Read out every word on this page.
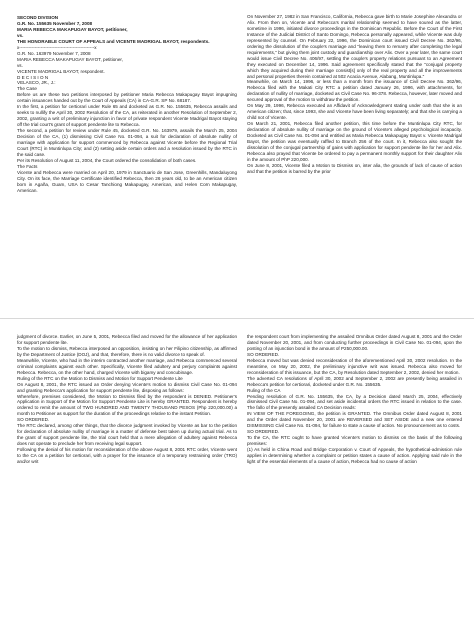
SECOND DIVISION

G.R. No. 155635 November 7, 2008

MARIA REBECCA MAKAPUGAY BAYOT, petitioner,

vs.

THE HONORABLE COURT OF APPEALS and VICENTE MADRIGAL BAYOT, respondents.

x-------------------------------------------------x

G.R. No. 163979 November 7, 2008

MARIA REBECCA MAKAPUGAY BAYOT, petitioner,

vs.

VICENTE MADRIGAL BAYOT, respondent.

D E C I S I O N

VELASCO, JR., J.:

The Case

Before us are these two petitions interposed by petitioner Maria Rebecca Makapugay Bayot impugning certain issuances handed out by the Court of Appeals (CA) in CA-G.R. SP No. 68187.

In the first, a petition for certiorari under Rule 65 and docketed as G.R. No. 155635, Rebecca assails and seeks to nullify the April 30, 2002 Resolution of the CA, as reiterated in another Resolution of September 2, 2002, granting a writ of preliminary injunction in favor of private respondent Vicente Madrigal Bayot staying off the trial court's grant of support pendente lite to Rebecca.

The second, a petition for review under Rule 45, docketed G.R. No. 163979, assails the March 25, 2004 Decision of the CA, (1) dismissing Civil Case No. 01-094, a suit for declaration of absolute nullity of marriage with application for support commenced by Rebecca against Vicente before the Regional Trial Court (RTC) in Muntinlupa City; and (2) setting aside certain orders and a resolution issued by the RTC in the said case.

Per its Resolution of August 11, 2004, the Court ordered the consolidation of both cases.

The Facts

Vicente and Rebecca were married on April 20, 1979 in Sanctuario de San Jose, Greenhills, Mandaluyong City. On its face, the Marriage Certificate identified Rebecca, then 26 years old, to be an American citizen born in Agaña, Guam, USA to Cesar Tanchiong Makapugay, American, and Helen Corn Makapugay, American.

On November 27, 1982 in San Francisco, California, Rebecca gave birth to Marie Josephine Alexandra or Alix. From then on, Vicente and Rebecca's marital relationship seemed to have soured as the latter, sometime in 1996, initiated divorce proceedings in the Dominican Republic. Before the Court of the First Instance of the Judicial District of Santo Domingo, Rebecca personally appeared, while Vicente was duly represented by counsel. On February 22, 1996, the Dominican court issued Civil Decree No. 362/96, ordering the dissolution of the couple's marriage and "leaving them to remarry after completing the legal requirements," but giving them joint custody and guardianship over Alix. Over a year later, the same court would issue Civil Decree No. 406/97, settling the couple's property relations pursuant to an Agreement they executed on December 14, 1996. Said agreement specifically stated that the "conjugal property which they acquired during their marriage consist[s] only of the real property and all the improvements and personal properties therein contained at 502 Acacia Avenue, Alabang, Muntinlupa."

Meanwhile, on March 14, 1996, or less than a month from the issuance of Civil Decree No. 362/96, Rebecca filed with the Makati City RTC a petition dated January 26, 1996, with attachments, for declaration of nullity of marriage, docketed as Civil Case No. 96-378. Rebecca, however, later moved and secured approval of the motion to withdraw the petition.

On May 29, 1996, Rebecca executed an Affidavit of Acknowledgment stating under oath that she is an American citizen; that, since 1993, she and Vicente have been living separately; and that she is carrying a child not of Vicente.

On March 21, 2001, Rebecca filed another petition, this time before the Muntinlupa City RTC, for declaration of absolute nullity of marriage on the ground of Vicente's alleged psychological incapacity. Docketed as Civil Case No. 01-094 and entitled as Maria Rebecca Makapugay Bayot v. Vicente Madrigal Bayot, the petition was eventually raffled to Branch 256 of the court. In it, Rebecca also sought the dissolution of the conjugal partnership of gains with application for support pendente lite for her and Alix. Rebecca also prayed that Vicente be ordered to pay a permanent monthly support for their daughter Alix in the amount of PhP 220,000.

On June 8, 2001, Vicente filed a Motion to Dismiss on, inter alia, the grounds of lack of cause of action and that the petition is barred by the prior

judgment of divorce. Earlier, on June 5, 2001, Rebecca filed and moved for the allowance of her application for support pendente lite.

To the motion to dismiss, Rebecca interposed an opposition, insisting on her Filipino citizenship, as affirmed by the Department of Justice (DOJ), and that, therefore, there is no valid divorce to speak of.

Meanwhile, Vicente, who had in the interim contracted another marriage, and Rebecca commenced several criminal complaints against each other. Specifically, Vicente filed adultery and perjury complaints against Rebecca. Rebecca, on the other hand, charged Vicente with bigamy and concubinage.

Ruling of the RTC on the Motion to Dismiss and Motion for Support Pendente Lite

On August 8, 2001, the RTC issued an Order denying Vicente's motion to dismiss Civil Case No. 01-094 and granting Rebecca's application for support pendente lite, disposing as follows:

Wherefore, premises considered, the Motion to Dismiss filed by the respondent is DENIED. Petitioner's Application in Support of the Motion for Support Pendente Lite is hereby GRANTED. Respondent is hereby ordered to remit the amount of TWO HUNDRED AND TWENTY THOUSAND PESOS (Php 220,000.00) a month to Petitioner as support for the duration of the proceedings relative to the instant Petition.

SO ORDERED.

The RTC declared, among other things, that the divorce judgment invoked by Vicente as bar to the petition for declaration of absolute nullity of marriage is a matter of defense best taken up during actual trial. As to the grant of support pendente lite, the trial court held that a mere allegation of adultery against Rebecca does not operate to preclude her from receiving legal support.

Following the denial of his motion for reconsideration of the above August 8, 2001 RTC order, Vicente went to the CA on a petition for certiorari, with a prayer for the issuance of a temporary restraining order (TRO) and/or writ

the respondent court from implementing the assailed Omnibus Order dated August 8, 2001 and the Order dated November 20, 2001, and from conducting further proceedings in Civil Case No. 01-094, upon the posting of an injunction bond in the amount of P250,000.00.

SO ORDERED.

Rebecca moved but was denied reconsideration of the aforementioned April 30, 2002 resolution. In the meantime, on May 20, 2002, the preliminary injunctive writ was issued. Rebecca also moved for reconsideration of this issuance, but the CA, by Resolution dated September 2, 2002, denied her motion.

The adverted CA resolutions of April 30, 2002 and September 2, 2002 are presently being assailed in Rebecca's petition for certiorari, docketed under G.R. No. 155635.

Ruling of the CA

Pending resolution of G.R. No. 155635, the CA, by a Decision dated March 25, 2004, effectively dismissed Civil Case No. 01-094, and set aside incidental orders the RTC issued in relation to the case. The fallo of the presently assailed CA Decision reads:

IN VIEW OF THE FOREGOING, the petition is GRANTED. The Omnibus Order dated August 8, 2001 and the Order dated November 20, 2001 are REVERSED and SET ASIDE and a new one entered DISMISSING Civil Case No. 01-094, for failure to state a cause of action. No pronouncement as to costs.

SO ORDERED.

To the CA, the RTC ought to have granted Vicente's motion to dismiss on the basis of the following premises:

(1) As held in China Road and Bridge Corporation v. Court of Appeals, the hypothetical-admission rule applies in determining whether a complaint or petition states a cause of action. Applying said rule in the light of the essential elements of a cause of action, Rebecca had no cause of action
